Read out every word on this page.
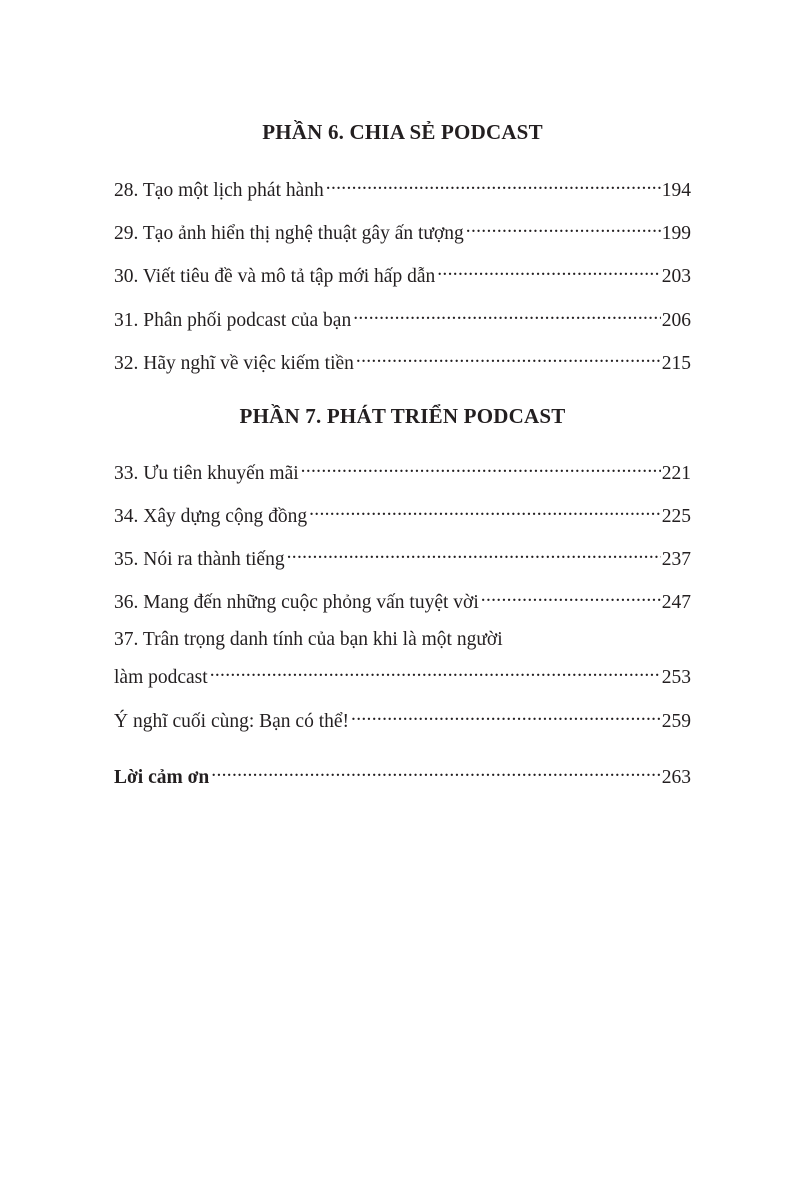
PHẦN 6. CHIA SẺ PODCAST
28. Tạo một lịch phát hành .....	194
29. Tạo ảnh hiển thị nghệ thuật gây ấn tượng .....	199
30. Viết tiêu đề và mô tả tập mới hấp dẫn .....	203
31. Phân phối podcast của bạn .....	206
32. Hãy nghĩ về việc kiếm tiền .....	215
PHẦN 7. PHÁT TRIỂN PODCAST
33. Ưu tiên khuyến mãi .....	221
34. Xây dựng cộng đồng .....	225
35. Nói ra thành tiếng .....	237
36. Mang đến những cuộc phỏng vấn tuyệt vời .....	247
37. Trân trọng danh tính của bạn khi là một người
làm podcast .....	253
Ý nghĩ cuối cùng: Bạn có thể! .....	259
Lời cảm ơn .....	263
